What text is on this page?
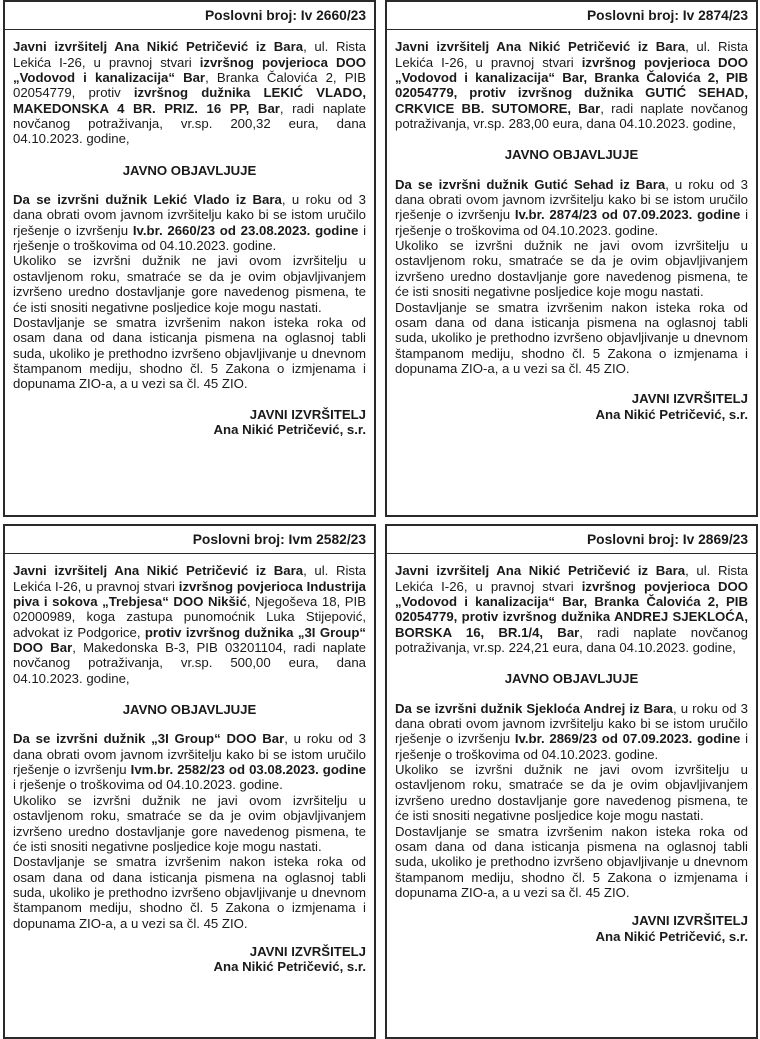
Poslovni broj: Iv 2660/23

Javni izvršitelj Ana Nikić Petričević iz Bara, ul. Rista Lekića I-26, u pravnoj stvari izvršnog povjerioca DOO „Vodovod i kanalizacija“ Bar, Branka Čalovića 2, PIB 02054779, protiv izvršnog dužnika LEKIĆ VLADO, MAKEDONSKA 4 BR. PRIZ. 16 PP, Bar, radi naplate novčanog potraživanja, vr.sp. 200,32 eura, dana 04.10.2023. godine,

JAVNO OBJAVLJUJE

Da se izvršni dužnik Lekić Vlado iz Bara, u roku od 3 dana obrati ovom javnom izvršitelju kako bi se istom uručilo rješenje o izvršenju Iv.br. 2660/23 od 23.08.2023. godine i rješenje o troškovima od 04.10.2023. godine.

Ukoliko se izvršni dužnik ne javi ovom izvršitelju u ostavljenom roku, smatraće se da je ovim objavljivanjem izvršeno uredno dostavljanje gore navedenog pismena, te će isti snositi negativne posljedice koje mogu nastati.

Dostavljanje se smatra izvršenim nakon isteka roka od osam dana od dana isticanja pismena na oglasnoj tabli suda, ukoliko je prethodno izvršeno objavljivanje u dnevnom štampanom mediju, shodno čl. 5 Zakona o izmjenama i dopunama ZIO-a, a u vezi sa čl. 45 ZIO.

JAVNI IZVRŠITELJ
Ana Nikić Petričević, s.r.
Poslovni broj: Iv 2874/23

Javni izvršitelj Ana Nikić Petričević iz Bara, ul. Rista Lekića I-26, u pravnoj stvari izvršnog povjerioca DOO „Vodovod i kanalizacija“ Bar, Branka Čalovića 2, PIB 02054779, protiv izvršnog dužnika GUTIĆ SEHAD, CRKVICE BB. SUTOMORE, Bar, radi naplate novčanog potraživanja, vr.sp. 283,00 eura, dana 04.10.2023. godine,

JAVNO OBJAVLJUJE

Da se izvršni dužnik Gutić Sehad iz Bara, u roku od 3 dana obrati ovom javnom izvršitelju kako bi se istom uručilo rješenje o izvršenju Iv.br. 2874/23 od 07.09.2023. godine i rješenje o troškovima od 04.10.2023. godine.

Ukoliko se izvršni dužnik ne javi ovom izvršitelju u ostavljenom roku, smatraće se da je ovim objavljivanjem izvršeno uredno dostavljanje gore navedenog pismena, te će isti snositi negativne posljedice koje mogu nastati.

Dostavljanje se smatra izvršenim nakon isteka roka od osam dana od dana isticanja pismena na oglasnoj tabli suda, ukoliko je prethodno izvršeno objavljivanje u dnevnom štampanom mediju, shodno čl. 5 Zakona o izmjenama i dopunama ZIO-a, a u vezi sa čl. 45 ZIO.

JAVNI IZVRŠITELJ
Ana Nikić Petričević, s.r.
Poslovni broj: Ivm 2582/23

Javni izvršitelj Ana Nikić Petričević iz Bara, ul. Rista Lekića I-26, u pravnoj stvari izvršnog povjerioca Industrija piva i sokova „Trebjesa“ DOO Nikšić, Njegoševa 18, PIB 02000989, koga zastupa punomoćnik Luka Stijepović, advokat iz Podgorice, protiv izvršnog dužnika „3I Group“ DOO Bar, Makedonska B-3, PIB 03201104, radi naplate novčanog potraživanja, vr.sp. 500,00 eura, dana 04.10.2023. godine,

JAVNO OBJAVLJUJE

Da se izvršni dužnik „3I Group“ DOO Bar, u roku od 3 dana obrati ovom javnom izvršitelju kako bi se istom uručilo rješenje o izvršenju Ivm.br. 2582/23 od 03.08.2023. godine i rješenje o troškovima od 04.10.2023. godine.

Ukoliko se izvršni dužnik ne javi ovom izvršitelju u ostavljenom roku, smatraće se da je ovim objavljivanjem izvršeno uredno dostavljanje gore navedenog pismena, te će isti snositi negativne posljedice koje mogu nastati.

Dostavljanje se smatra izvršenim nakon isteka roka od osam dana od dana isticanja pismena na oglasnoj tabli suda, ukoliko je prethodno izvršeno objavljivanje u dnevnom štampanom mediju, shodno čl. 5 Zakona o izmjenama i dopunama ZIO-a, a u vezi sa čl. 45 ZIO.

JAVNI IZVRŠITELJ
Ana Nikić Petričević, s.r.
Poslovni broj: Iv 2869/23

Javni izvršitelj Ana Nikić Petričević iz Bara, ul. Rista Lekića I-26, u pravnoj stvari izvršnog povjerioca DOO „Vodovod i kanalizacija“ Bar, Branka Čalovića 2, PIB 02054779, protiv izvršnog dužnika ANDREJ SJEKLOĆA, BORSKA 16, BR.1/4, Bar, radi naplate novčanog potraživanja, vr.sp. 224,21 eura, dana 04.10.2023. godine,

JAVNO OBJAVLJUJE

Da se izvršni dužnik Sjekloća Andrej iz Bara, u roku od 3 dana obrati ovom javnom izvršitelju kako bi se istom uručilo rješenje o izvršenju Iv.br. 2869/23 od 07.09.2023. godine i rješenje o troškovima od 04.10.2023. godine.

Ukoliko se izvršni dužnik ne javi ovom izvršitelju u ostavljenom roku, smatraće se da je ovim objavljivanjem izvršeno uredno dostavljanje gore navedenog pismena, te će isti snositi negativne posljedice koje mogu nastati.

Dostavljanje se smatra izvršenim nakon isteka roka od osam dana od dana isticanja pismena na oglasnoj tabli suda, ukoliko je prethodno izvršeno objavljivanje u dnevnom štampanom mediju, shodno čl. 5 Zakona o izmjenama i dopunama ZIO-a, a u vezi sa čl. 45 ZIO.

JAVNI IZVRŠITELJ
Ana Nikić Petričević, s.r.
